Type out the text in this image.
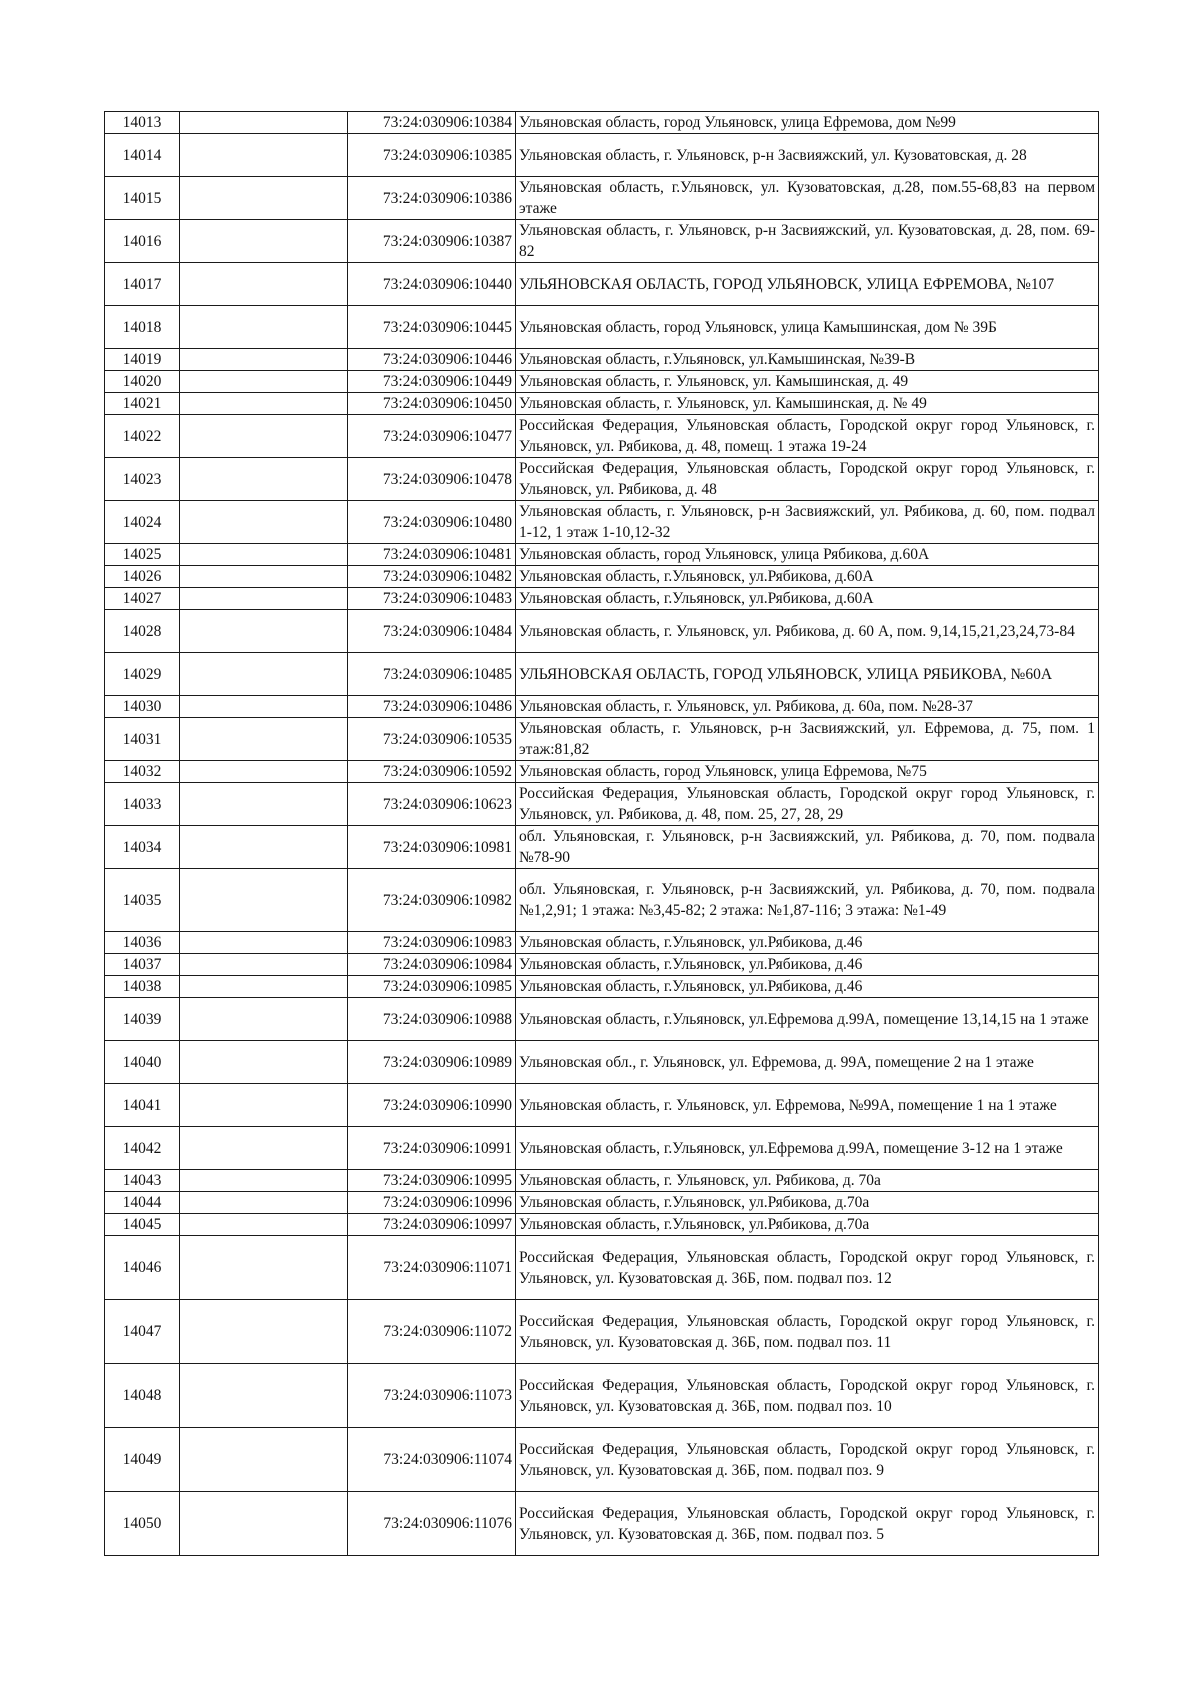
14013		73:24:030906:10384	Ульяновская область, город Ульяновск, улица Ефремова, дом №99
14014		73:24:030906:10385	Ульяновская область, г. Ульяновск, р-н Засвияжский, ул. Кузоватовская, д. 28
14015		73:24:030906:10386	Ульяновская область, г.Ульяновск, ул. Кузоватовская, д.28, пом.55-68,83 на первом этаже
14016		73:24:030906:10387	Ульяновская область, г. Ульяновск, р-н Засвияжский, ул. Кузоватовская, д. 28, пом. 69-82
14017		73:24:030906:10440	УЛЬЯНОВСКАЯ ОБЛАСТЬ, ГОРОД УЛЬЯНОВСК, УЛИЦА ЕФРЕМОВА, №107
14018		73:24:030906:10445	Ульяновская область, город Ульяновск, улица Камышинская, дом № 39Б
14019		73:24:030906:10446	Ульяновская область, г.Ульяновск, ул.Камышинская, №39-В
14020		73:24:030906:10449	Ульяновская область, г. Ульяновск, ул. Камышинская, д. 49
14021		73:24:030906:10450	Ульяновская область, г. Ульяновск, ул. Камышинская, д. № 49
14022		73:24:030906:10477	Российская Федерация, Ульяновская область, Городской округ город Ульяновск, г. Ульяновск, ул. Рябикова, д. 48, помещ. 1 этажа 19-24
14023		73:24:030906:10478	Российская Федерация, Ульяновская область, Городской округ город Ульяновск, г. Ульяновск, ул. Рябикова, д. 48
14024		73:24:030906:10480	Ульяновская область, г. Ульяновск, р-н Засвияжский, ул. Рябикова, д. 60, пом. подвал 1-12, 1 этаж 1-10,12-32
14025		73:24:030906:10481	Ульяновская область, город Ульяновск, улица Рябикова, д.60А
14026		73:24:030906:10482	Ульяновская область, г.Ульяновск, ул.Рябикова, д.60А
14027		73:24:030906:10483	Ульяновская область, г.Ульяновск, ул.Рябикова, д.60А
14028		73:24:030906:10484	Ульяновская область, г. Ульяновск, ул. Рябикова, д. 60 А, пом. 9,14,15,21,23,24,73-84
14029		73:24:030906:10485	УЛЬЯНОВСКАЯ ОБЛАСТЬ, ГОРОД УЛЬЯНОВСК, УЛИЦА РЯБИКОВА, №60А
14030		73:24:030906:10486	Ульяновская область, г. Ульяновск, ул. Рябикова, д. 60а, пом. №28-37
14031		73:24:030906:10535	Ульяновская область, г. Ульяновск, р-н Засвияжский, ул. Ефремова, д. 75, пом. 1 этаж:81,82
14032		73:24:030906:10592	Ульяновская область, город Ульяновск, улица Ефремова, №75
14033		73:24:030906:10623	Российская Федерация, Ульяновская область, Городской округ город Ульяновск, г. Ульяновск, ул. Рябикова, д. 48, пом. 25, 27, 28, 29
14034		73:24:030906:10981	обл. Ульяновская, г. Ульяновск, р-н Засвияжский, ул. Рябикова, д. 70, пом. подвала №78-90
14035		73:24:030906:10982	обл. Ульяновская, г. Ульяновск, р-н Засвияжский, ул. Рябикова, д. 70, пом. подвала №1,2,91; 1 этажа: №3,45-82; 2 этажа: №1,87-116; 3 этажа: №1-49
14036		73:24:030906:10983	Ульяновская область, г.Ульяновск, ул.Рябикова, д.46
14037		73:24:030906:10984	Ульяновская область, г.Ульяновск, ул.Рябикова, д.46
14038		73:24:030906:10985	Ульяновская область, г.Ульяновск, ул.Рябикова, д.46
14039		73:24:030906:10988	Ульяновская область, г.Ульяновск, ул.Ефремова д.99А, помещение 13,14,15 на 1 этаже
14040		73:24:030906:10989	Ульяновская обл., г. Ульяновск, ул. Ефремова, д. 99А, помещение 2 на 1 этаже
14041		73:24:030906:10990	Ульяновская область, г. Ульяновск, ул. Ефремова, №99А, помещение 1 на 1 этаже
14042		73:24:030906:10991	Ульяновская область, г.Ульяновск, ул.Ефремова д.99А, помещение 3-12 на 1 этаже
14043		73:24:030906:10995	Ульяновская область, г. Ульяновск, ул. Рябикова, д. 70а
14044		73:24:030906:10996	Ульяновская область, г.Ульяновск, ул.Рябикова, д.70а
14045		73:24:030906:10997	Ульяновская область, г.Ульяновск, ул.Рябикова, д.70а
14046		73:24:030906:11071	Российская Федерация, Ульяновская область, Городской округ город Ульяновск, г. Ульяновск, ул. Кузоватовская д. 36Б, пом. подвал поз. 12
14047		73:24:030906:11072	Российская Федерация, Ульяновская область, Городской округ город Ульяновск, г. Ульяновск, ул. Кузоватовская д. 36Б, пом. подвал поз. 11
14048		73:24:030906:11073	Российская Федерация, Ульяновская область, Городской округ город Ульяновск, г. Ульяновск, ул. Кузоватовская д. 36Б, пом. подвал поз. 10
14049		73:24:030906:11074	Российская Федерация, Ульяновская область, Городской округ город Ульяновск, г. Ульяновск, ул. Кузоватовская д. 36Б, пом. подвал поз. 9
14050		73:24:030906:11076	Российская Федерация, Ульяновская область, Городской округ город Ульяновск, г. Ульяновск, ул. Кузоватовская д. 36Б, пом. подвал поз. 5
